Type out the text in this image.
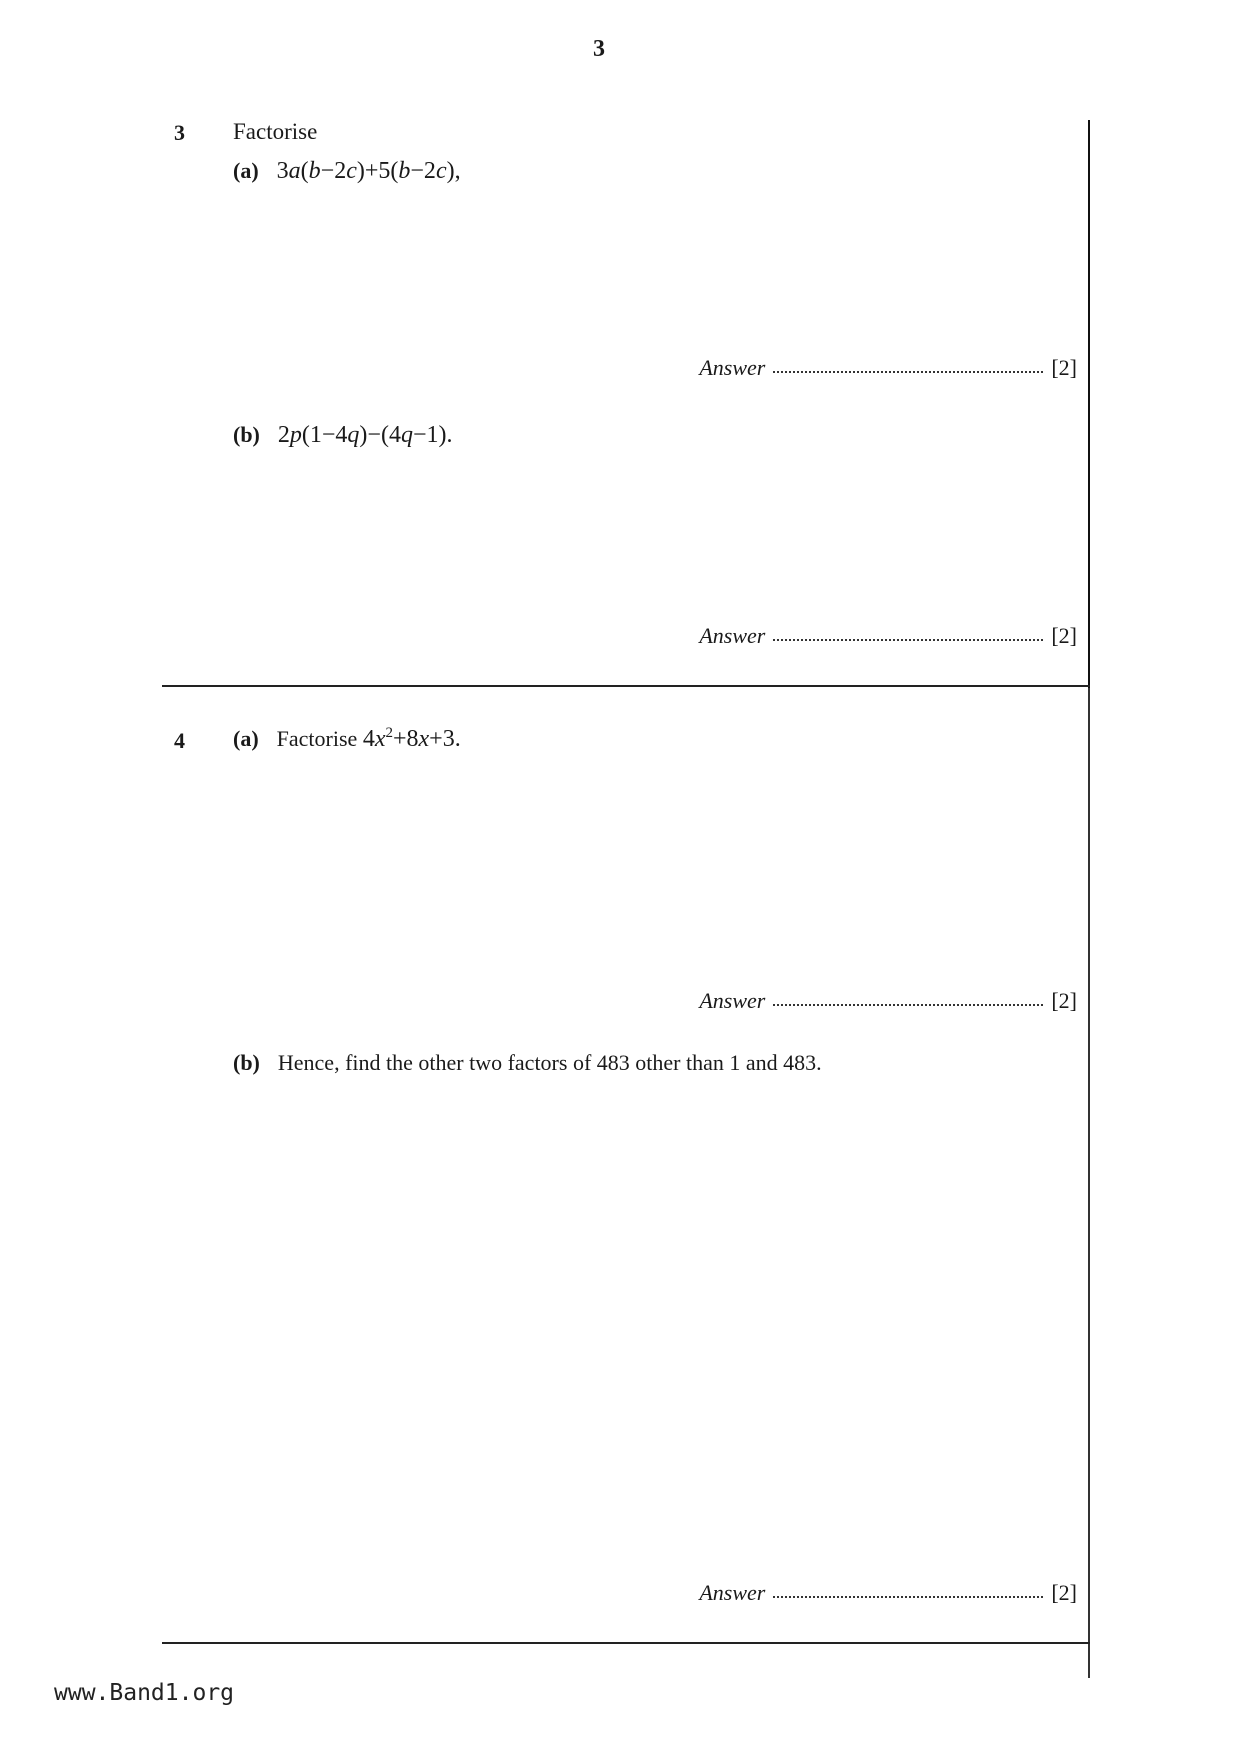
3
3 Factorise
(a) 3a(b−2c)+5(b−2c),
Answer	[2]
(b) 2p(1−4q)−(4q−1).
Answer	[2]
4 (a) Factorise $4x^2+8x+3$.
Answer	[2]
(b) Hence, find the other two factors of 483 other than 1 and 483.
Answer	[2]
www.Band1.org
